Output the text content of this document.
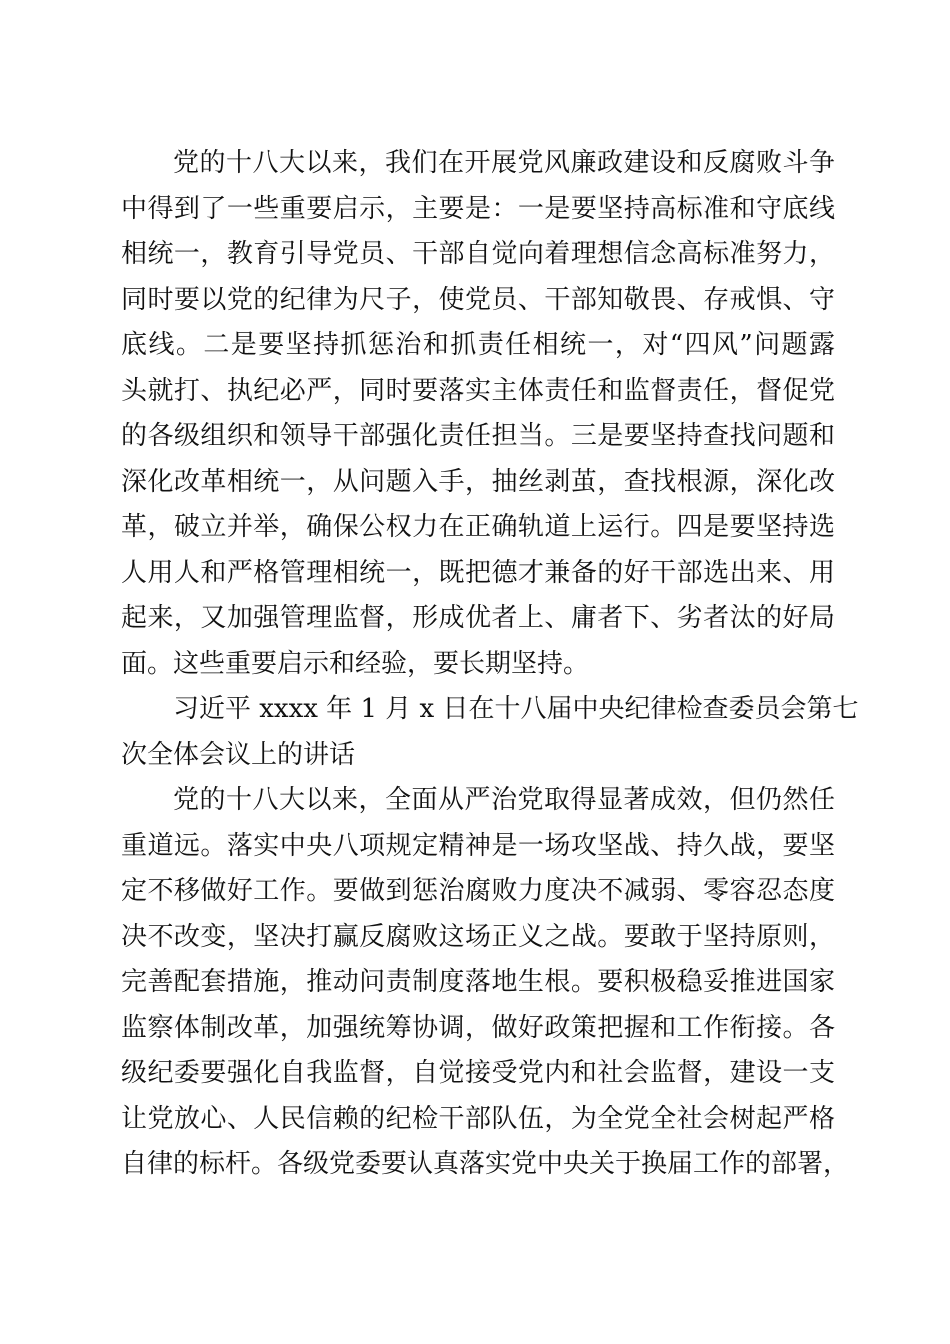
党的十八大以来，我们在开展党风廉政建设和反腐败斗争
中得到了一些重要启示，主要是：一是要坚持高标准和守底线
相统一，教育引导党员、干部自觉向着理想信念高标准努力，
同时要以党的纪律为尺子，使党员、干部知敬畏、存戒惧、守
底线。二是要坚持抓惩治和抓责任相统一，对“四风”问题露
头就打、执纪必严，同时要落实主体责任和监督责任，督促党
的各级组织和领导干部强化责任担当。三是要坚持查找问题和
深化改革相统一，从问题入手，抽丝剥茧，查找根源，深化改
革，破立并举，确保公权力在正确轨道上运行。四是要坚持选
人用人和严格管理相统一，既把德才兼备的好干部选出来、用
起来，又加强管理监督，形成优者上、庸者下、劣者汰的好局
面。这些重要启示和经验，要长期坚持。
习近平 xxxx 年 1 月 x 日在十八届中央纪律检查委员会第七
次全体会议上的讲话
党的十八大以来，全面从严治党取得显著成效，但仍然任
重道远。落实中央八项规定精神是一场攻坚战、持久战，要坚
定不移做好工作。要做到惩治腐败力度决不减弱、零容忍态度
决不改变，坚决打赢反腐败这场正义之战。要敢于坚持原则，
完善配套措施，推动问责制度落地生根。要积极稳妥推进国家
监察体制改革，加强统筹协调，做好政策把握和工作衔接。各
级纪委要强化自我监督，自觉接受党内和社会监督，建设一支
让党放心、人民信赖的纪检干部队伍，为全党全社会树起严格
自律的标杆。各级党委要认真落实党中央关于换届工作的部署，
